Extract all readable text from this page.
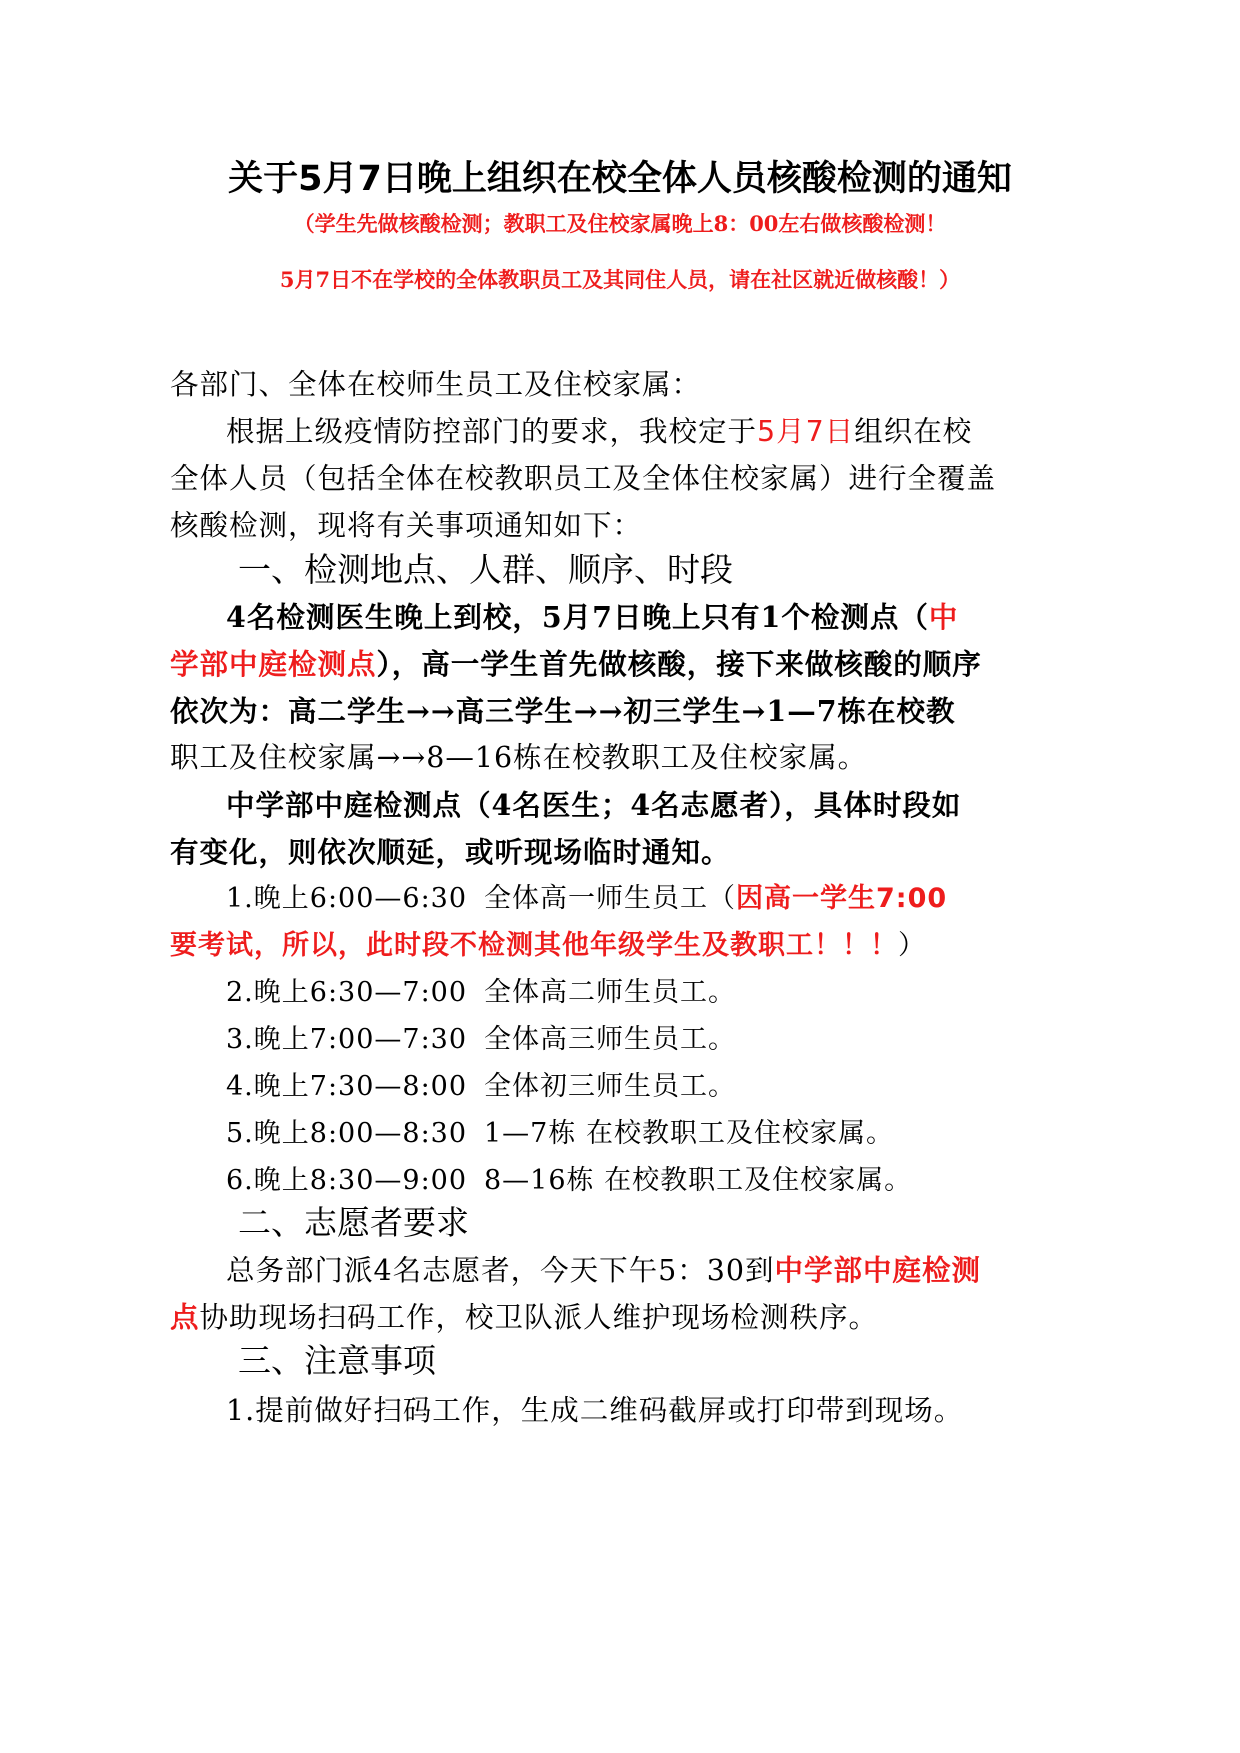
关于5月7日晚上组织在校全体人员核酸检测的通知
（学生先做核酸检测；教职工及住校家属晚上8：00左右做核酸检测！
5月7日不在学校的全体教职员工及其同住人员，请在社区就近做核酸！）
各部门、全体在校师生员工及住校家属：
根据上级疫情防控部门的要求，我校定于5月7日组织在校
全体人员（包括全体在校教职员工及全体住校家属）进行全覆盖
核酸检测，现将有关事项通知如下：
一、检测地点、人群、顺序、时段
4名检测医生晚上到校，5月7日晚上只有1个检测点（中
学部中庭检测点），高一学生首先做核酸，接下来做核酸的顺序
依次为：高二学生→→高三学生→→初三学生→1—7栋在校教
职工及住校家属→→8—16栋在校教职工及住校家属。
中学部中庭检测点（4名医生；4名志愿者），具体时段如
有变化，则依次顺延，或听现场临时通知。
1.晚上6:00—6:30 全体高一师生员工（因高一学生7:00
要考试，所以，此时段不检测其他年级学生及教职工！！！）
2.晚上6:30—7:00 全体高二师生员工。
3.晚上7:00—7:30 全体高三师生员工。
4.晚上7:30—8:00 全体初三师生员工。
5.晚上8:00—8:30 1—7栋 在校教职工及住校家属。
6.晚上8:30—9:00 8—16栋 在校教职工及住校家属。
二、志愿者要求
总务部门派4名志愿者，今天下午5：30到中学部中庭检测
点协助现场扫码工作，校卫队派人维护现场检测秩序。
三、注意事项
1.提前做好扫码工作，生成二维码截屏或打印带到现场。
